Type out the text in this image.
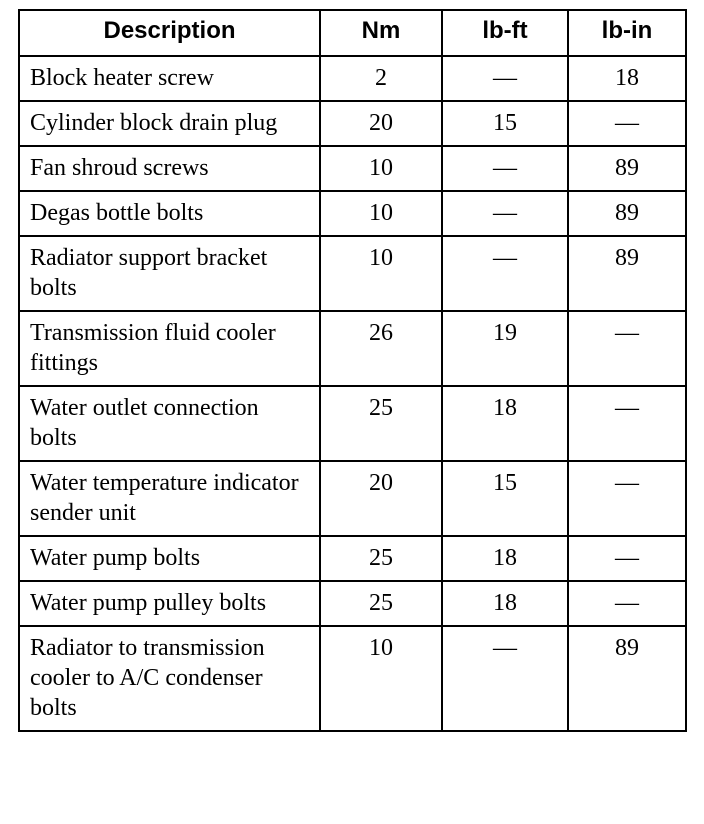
Description	Nm	lb-ft	lb-in
Block heater screw	2	—	18
Cylinder block drain plug	20	15	—
Fan shroud screws	10	—	89
Degas bottle bolts	10	—	89
Radiator support bracket bolts	10	—	89
Transmission fluid cooler fittings	26	19	—
Water outlet connection bolts	25	18	—
Water temperature indicator sender unit	20	15	—
Water pump bolts	25	18	—
Water pump pulley bolts	25	18	—
Radiator to transmission cooler to A/C condenser bolts	10	—	89
